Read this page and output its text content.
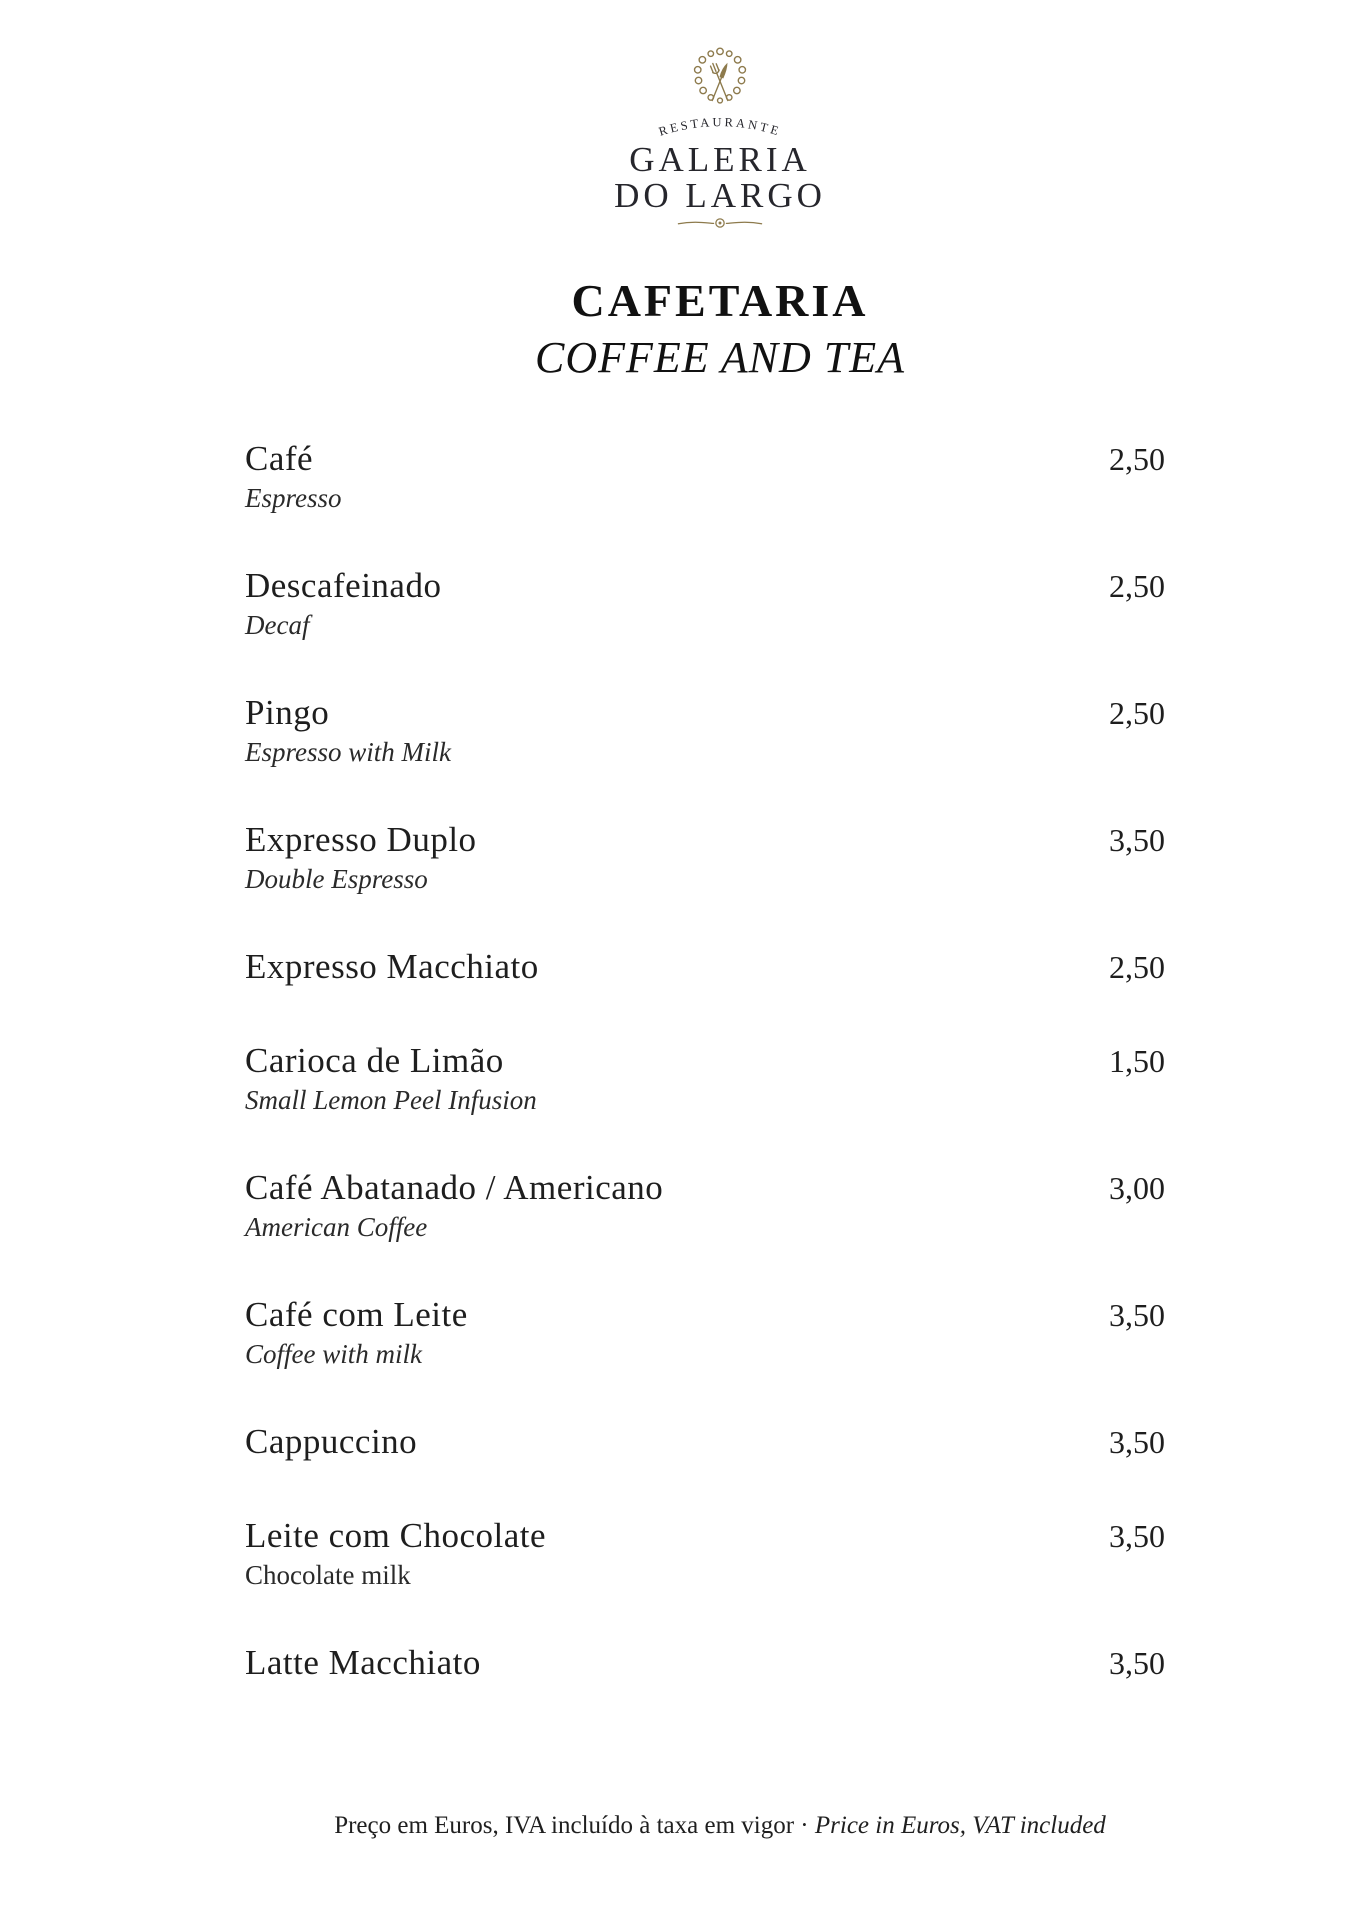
RESTAURANTE
GALERIA
DO LARGO
CAFETARIA
COFFEE AND TEA
Café
Espresso
2,50
Descafeinado
Decaf
2,50
Pingo
Espresso with Milk
2,50
Expresso Duplo
Double Espresso
3,50
Expresso Macchiato	2,50
Carioca de Limão
Small Lemon Peel Infusion
1,50
Café Abatanado / Americano
American Coffee
3,00
Café com Leite
Coffee with milk
3,50
Cappuccino	3,50
Leite com Chocolate
Chocolate milk
3,50
Latte Macchiato	3,50
Preço em Euros, IVA incluído à taxa em vigor · Price in Euros, VAT included
